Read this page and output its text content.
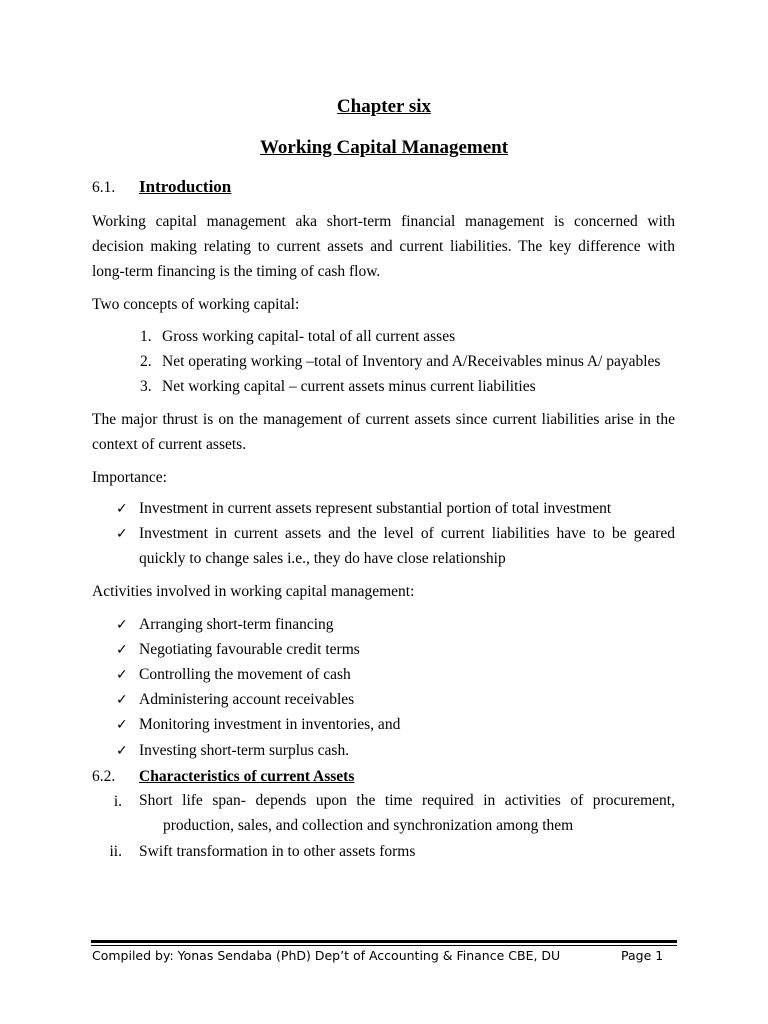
Chapter six
Working Capital Management
6.1. Introduction
Working capital management aka short-term financial management is concerned with decision making relating to current assets and current liabilities. The key difference with long-term financing is the timing of cash flow.
Two concepts of working capital:
1. Gross working capital- total of all current asses
2. Net operating working –total of Inventory and A/Receivables minus A/ payables
3. Net working capital – current assets minus current liabilities
The major thrust is on the management of current assets since current liabilities arise in the context of current assets.
Importance:
✓ Investment in current assets represent substantial portion of total investment
✓ Investment in current assets and the level of current liabilities have to be geared quickly to change sales i.e., they do have close relationship
Activities involved in working capital management:
✓ Arranging short-term financing
✓ Negotiating favourable credit terms
✓ Controlling the movement of cash
✓ Administering account receivables
✓ Monitoring investment in inventories, and
✓ Investing short-term surplus cash.
6.2. Characteristics of current Assets
i. Short life span- depends upon the time required in activities of procurement,
production, sales, and collection and synchronization among them
ii. Swift transformation in to other assets forms
Compiled by: Yonas Sendaba (PhD) Dep’t of Accounting & Finance CBE, DU	Page 1
